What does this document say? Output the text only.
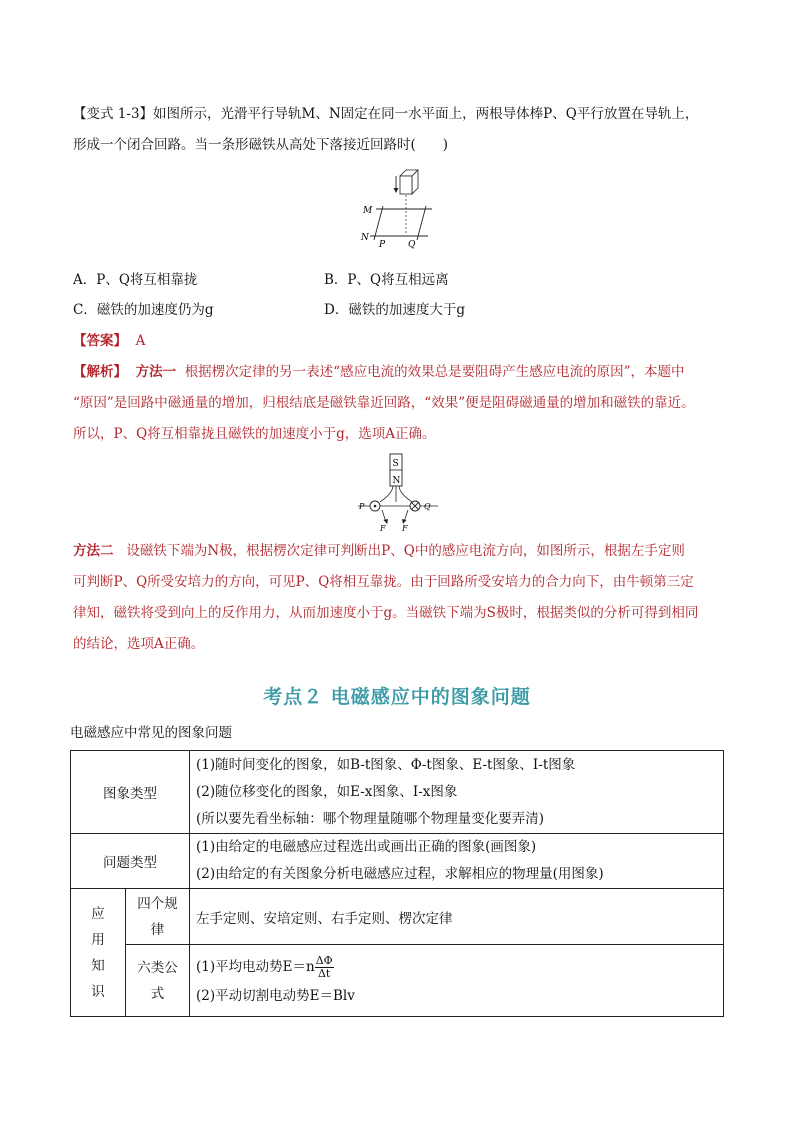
【变式 1-3】如图所示，光滑平行导轨M、N固定在同一水平面上，两根导体棒P、Q平行放置在导轨上，
形成一个闭合回路。当一条形磁铁从高处下落接近回路时(　　)
M
N
P	Q
A．P、Q将互相靠拢	B．P、Q将互相远离
C．磁铁的加速度仍为g	D．磁铁的加速度大于g
【答案】 A
【解析】 方法一 根据楞次定律的另一表述“感应电流的效果总是要阻碍产生感应电流的原因”，本题中
“原因”是回路中磁通量的增加，归根结底是磁铁靠近回路，“效果”便是阻碍磁通量的增加和磁铁的靠近。
所以，P、Q将互相靠拢且磁铁的加速度小于g，选项A正确。
S
N
P	Q
F F
方法二 设磁铁下端为N极，根据楞次定律可判断出P、Q中的感应电流方向，如图所示，根据左手定则
可判断P、Q所受安培力的方向，可见P、Q将相互靠拢。由于回路所受安培力的合力向下，由牛顿第三定
律知，磁铁将受到向上的反作用力，从而加速度小于g。当磁铁下端为S极时，根据类似的分析可得到相同
的结论，选项A正确。
考点２ 电磁感应中的图象问题
电磁感应中常见的图象问题
图象类型		(1)随时间变化的图象，如B-t图象、Φ-t图象、E-t图象、I-t图象
(2)随位移变化的图象，如E-x图象、I-x图象
(所以要先看坐标轴：哪个物理量随哪个物理量变化要弄清)

问题类型		(1)由给定的电磁感应过程选出或画出正确的图象(画图象)
(2)由给定的有关图象分析电磁感应过程，求解相应的物理量(用图象)

应用知识	四个规律	左手定则、安培定则、右手定则、楞次定律
	六类公式	(1)平均电动势$E=n \frac{\Delta\Phi}{\Delta t}$
(2)平动切割电动势E＝Blv
